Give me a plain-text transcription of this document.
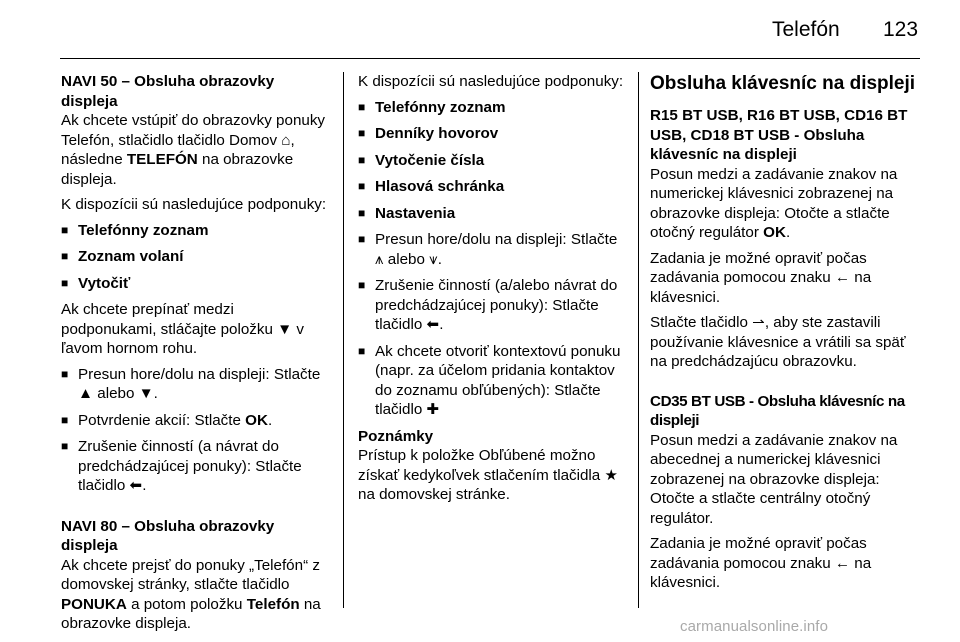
Telefón 123

NAVI 50 – Obsluha obrazovky displeja

Ak chcete vstúpiť do obrazovky ponuky Telefón, stlačidlo tlačidlo Domov ⌂, následne TELEFÓN na obrazovke displeja.

K dispozícii sú nasledujúce podponuky:

■ Telefónny zoznam
■ Zoznam volaní
■ Vytočiť

Ak chcete prepínať medzi podponukami, stláčajte položku ▼ v ľavom hornom rohu.

■ Presun hore/dolu na displeji: Stlačte ▲ alebo ▼.
■ Potvrdenie akcií: Stlačte OK.
■ Zrušenie činností (a návrat do predchádzajúcej ponuky): Stlačte tlačidlo ⬅.

NAVI 80 – Obsluha obrazovky displeja

Ak chcete prejsť do ponuky „Telefón“ z domovskej stránky, stlačte tlačidlo PONUKA a potom položku Telefón na obrazovke displeja.

K dispozícii sú nasledujúce podponuky:

■ Telefónny zoznam
■ Denníky hovorov
■ Vytočenie čísla
■ Hlasová schránka
■ Nastavenia
■ Presun hore/dolu na displeji: Stlačte ⩚ alebo ⩛.
■ Zrušenie činností (a/alebo návrat do predchádzajúcej ponuky): Stlačte tlačidlo ⬅.
■ Ak chcete otvoriť kontextovú ponuku (napr. za účelom pridania kontaktov do zoznamu obľúbených): Stlačte tlačidlo ✚

Poznámky

Prístup k položke Obľúbené možno získať kedykoľvek stlačením tlačidla ★ na domovskej stránke.

Obsluha klávesníc na displeji

R15 BT USB, R16 BT USB, CD16 BT USB, CD18 BT USB - Obsluha klávesníc na displeji

Posun medzi a zadávanie znakov na numerickej klávesnici zobrazenej na obrazovke displeja: Otočte a stlačte otočný regulátor OK.

Zadania je možné opraviť počas zadávania pomocou znaku ← na klávesnici.

Stlačte tlačidlo ⇀, aby ste zastavili používanie klávesnice a vrátili sa späť na predchádzajúcu obrazovku.

CD35 BT USB - Obsluha klávesníc na displeji

Posun medzi a zadávanie znakov na abecednej a numerickej klávesnici zobrazenej na obrazovke displeja: Otočte a stlačte centrálny otočný regulátor.

Zadania je možné opraviť počas zadávania pomocou znaku ← na klávesnici.

carmanualsonline.info
